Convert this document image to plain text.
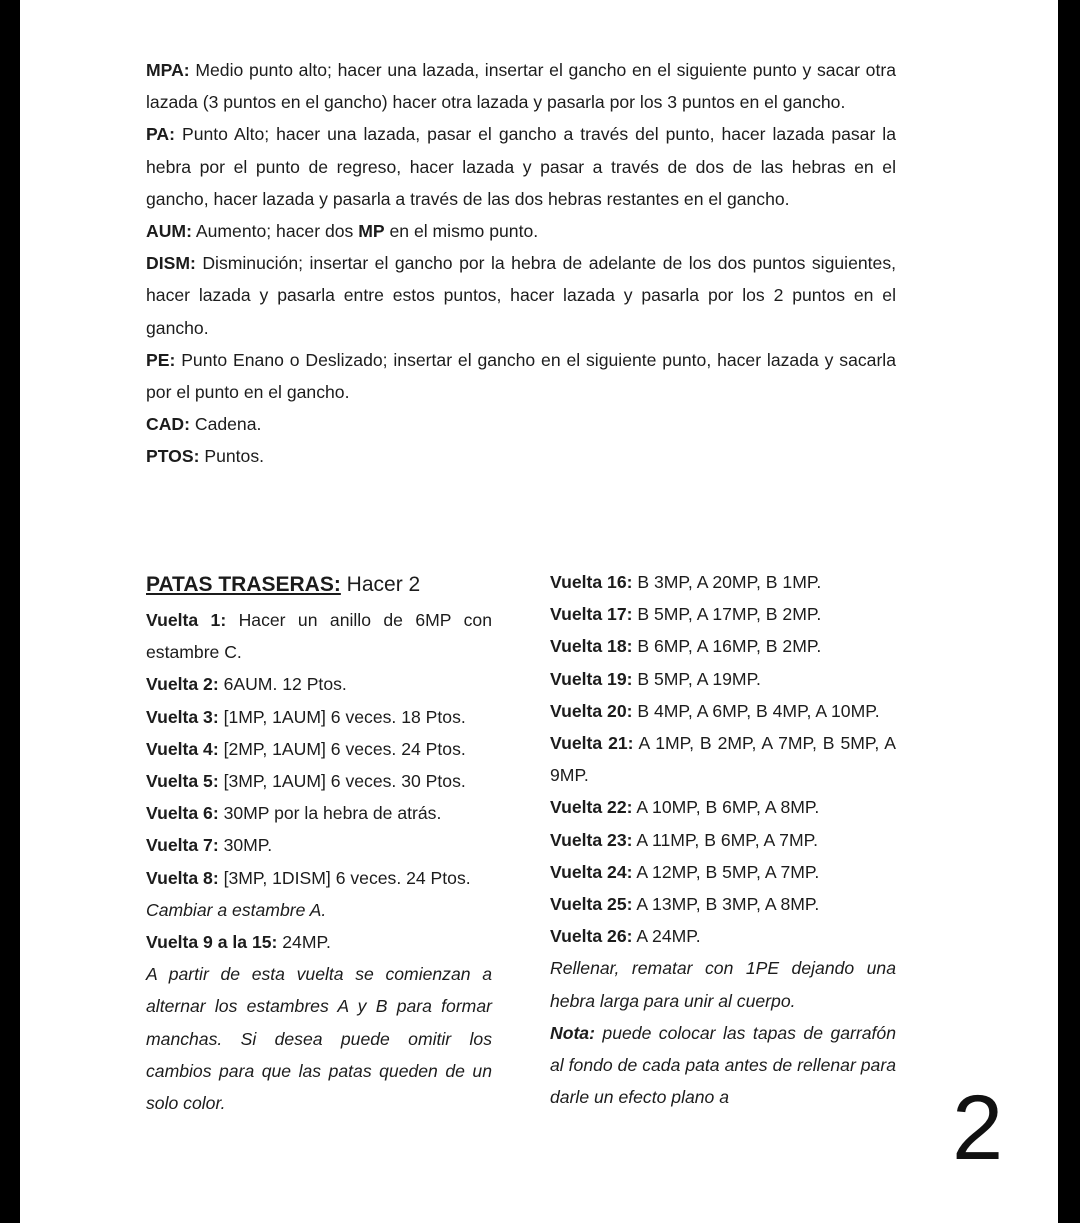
MPA: Medio punto alto; hacer una lazada, insertar el gancho en el siguiente punto y sacar otra lazada (3 puntos en el gancho) hacer otra lazada y pasarla por los 3 puntos en el gancho.

PA: Punto Alto; hacer una lazada, pasar el gancho a través del punto, hacer lazada pasar la hebra por el punto de regreso, hacer lazada y pasar a través de dos de las hebras en el gancho, hacer lazada y pasarla a través de las dos hebras restantes en el gancho.

AUM: Aumento; hacer dos MP en el mismo punto.

DISM: Disminución; insertar el gancho por la hebra de adelante de los dos puntos siguientes, hacer lazada y pasarla entre estos puntos, hacer lazada y pasarla por los 2 puntos en el gancho.

PE: Punto Enano o Deslizado; insertar el gancho en el siguiente punto, hacer lazada y sacarla por el punto en el gancho.

CAD: Cadena.

PTOS: Puntos.

PATAS TRASERAS: Hacer 2

Vuelta 1: Hacer un anillo de 6MP con estambre C.

Vuelta 2: 6AUM. 12 Ptos.

Vuelta 3: [1MP, 1AUM] 6 veces. 18 Ptos.

Vuelta 4: [2MP, 1AUM] 6 veces. 24 Ptos.

Vuelta 5: [3MP, 1AUM] 6 veces. 30 Ptos.

Vuelta 6: 30MP por la hebra de atrás.

Vuelta 7: 30MP.

Vuelta 8: [3MP, 1DISM] 6 veces. 24 Ptos.

Cambiar a estambre A.

Vuelta 9 a la 15: 24MP.

A partir de esta vuelta se comienzan a alternar los estambres A y B para formar manchas. Si desea puede omitir los cambios para que las patas queden de un solo color.

Vuelta 16: B 3MP, A 20MP, B 1MP.

Vuelta 17: B 5MP, A 17MP, B 2MP.

Vuelta 18: B 6MP, A 16MP, B 2MP.

Vuelta 19: B 5MP, A 19MP.

Vuelta 20: B 4MP, A 6MP, B 4MP, A 10MP.

Vuelta 21: A 1MP, B 2MP, A 7MP, B 5MP, A 9MP.

Vuelta 22: A 10MP, B 6MP, A 8MP.

Vuelta 23: A 11MP, B 6MP, A 7MP.

Vuelta 24: A 12MP, B 5MP, A 7MP.

Vuelta 25: A 13MP, B 3MP, A 8MP.

Vuelta 26: A 24MP.

Rellenar, rematar con 1PE dejando una hebra larga para unir al cuerpo.

Nota: puede colocar las tapas de garrafón al fondo de cada pata antes de rellenar para darle un efecto plano a	2
